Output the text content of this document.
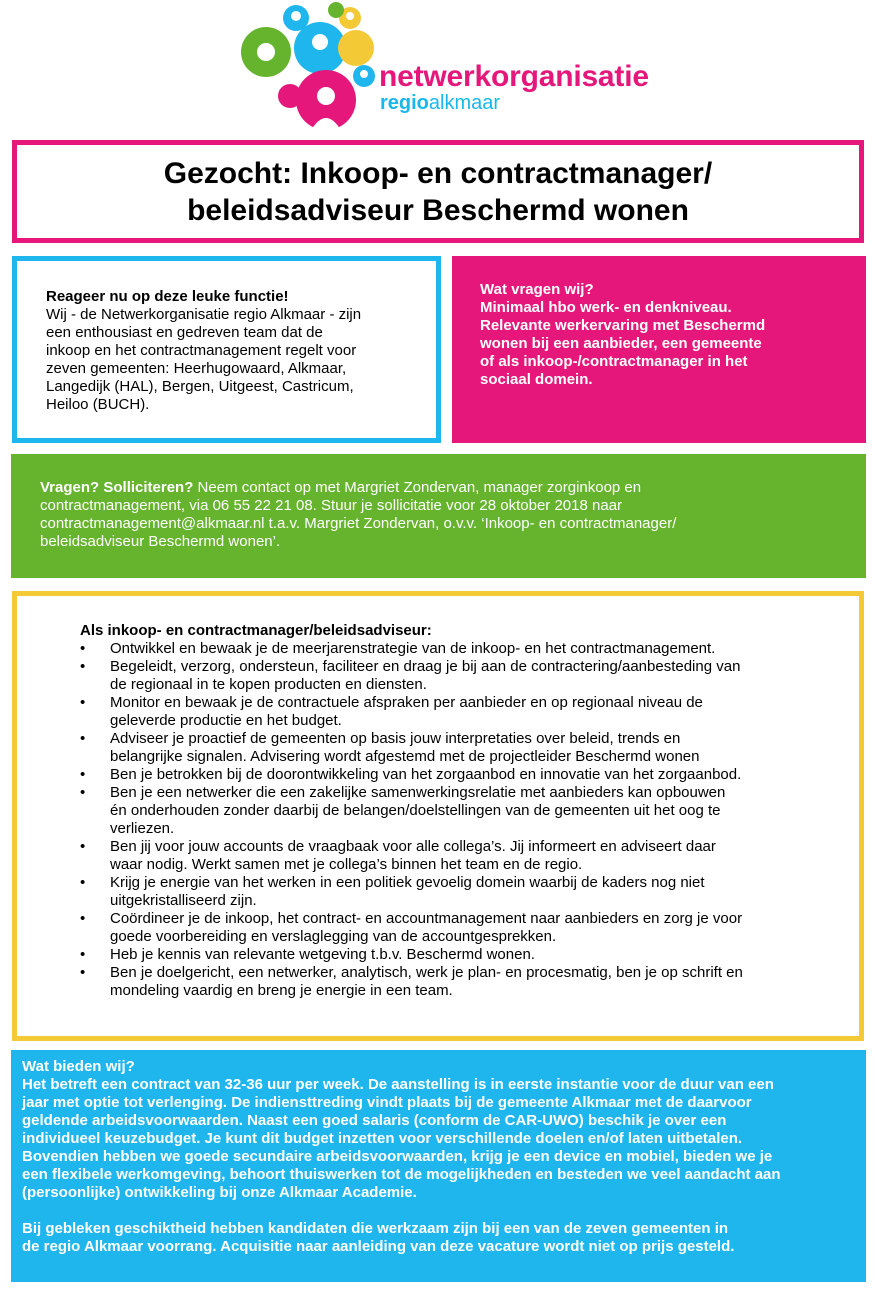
netwerkorganisatie
regioalkmaar
Gezocht: Inkoop- en contractmanager/
beleidsadviseur Beschermd wonen
Reageer nu op deze leuke functie!
Wij - de Netwerkorganisatie regio Alkmaar - zijn
een enthousiast en gedreven team dat de
inkoop en het contractmanagement regelt voor
zeven gemeenten: Heerhugowaard, Alkmaar,
Langedijk (HAL), Bergen, Uitgeest, Castricum,
Heiloo (BUCH).
Wat vragen wij?
Minimaal hbo werk- en denkniveau.
Relevante werkervaring met Beschermd
wonen bij een aanbieder, een gemeente
of als inkoop-/contractmanager in het
sociaal domein.
Vragen? Solliciteren? Neem contact op met Margriet Zondervan, manager zorginkoop en
contractmanagement, via 06 55 22 21 08. Stuur je sollicitatie voor 28 oktober 2018 naar
contractmanagement@alkmaar.nl t.a.v. Margriet Zondervan, o.v.v. ‘Inkoop- en contractmanager/
beleidsadviseur Beschermd wonen’.
Als inkoop- en contractmanager/beleidsadviseur:
• Ontwikkel en bewaak je de meerjarenstrategie van de inkoop- en het contractmanagement.
• Begeleidt, verzorg, ondersteun, faciliteer en draag je bij aan de contractering/aanbesteding van
de regionaal in te kopen producten en diensten.
• Monitor en bewaak je de contractuele afspraken per aanbieder en op regionaal niveau de
geleverde productie en het budget.
• Adviseer je proactief de gemeenten op basis jouw interpretaties over beleid, trends en
belangrijke signalen. Advisering wordt afgestemd met de projectleider Beschermd wonen
• Ben je betrokken bij de doorontwikkeling van het zorgaanbod en innovatie van het zorgaanbod.
• Ben je een netwerker die een zakelijke samenwerkingsrelatie met aanbieders kan opbouwen
én onderhouden zonder daarbij de belangen/doelstellingen van de gemeenten uit het oog te
verliezen.
• Ben jij voor jouw accounts de vraagbaak voor alle collega’s. Jij informeert en adviseert daar
waar nodig. Werkt samen met je collega’s binnen het team en de regio.
• Krijg je energie van het werken in een politiek gevoelig domein waarbij de kaders nog niet
uitgekristalliseerd zijn.
• Coördineer je de inkoop, het contract- en accountmanagement naar aanbieders en zorg je voor
goede voorbereiding en verslaglegging van de accountgesprekken.
• Heb je kennis van relevante wetgeving t.b.v. Beschermd wonen.
• Ben je doelgericht, een netwerker, analytisch, werk je plan- en procesmatig, ben je op schrift en
mondeling vaardig en breng je energie in een team.

Wat bieden wij?

Het betreft een contract van 32-36 uur per week. De aanstelling is in eerste instantie voor de duur van een

jaar met optie tot verlenging. De indiensttreding vindt plaats bij de gemeente Alkmaar met de daarvoor

geldende arbeidsvoorwaarden. Naast een goed salaris (conform de CAR-UWO) beschik je over een

individueel keuzebudget. Je kunt dit budget inzetten voor verschillende doelen en/of laten uitbetalen.

Bovendien hebben we goede secundaire arbeidsvoorwaarden, krijg je een device en mobiel, bieden we je

een flexibele werkomgeving, behoort thuiswerken tot de mogelijkheden en besteden we veel aandacht aan

(persoonlijke) ontwikkeling bij onze Alkmaar Academie.

Bij gebleken geschiktheid hebben kandidaten die werkzaam zijn bij een van de zeven gemeenten in

de regio Alkmaar voorrang. Acquisitie naar aanleiding van deze vacature wordt niet op prijs gesteld.
